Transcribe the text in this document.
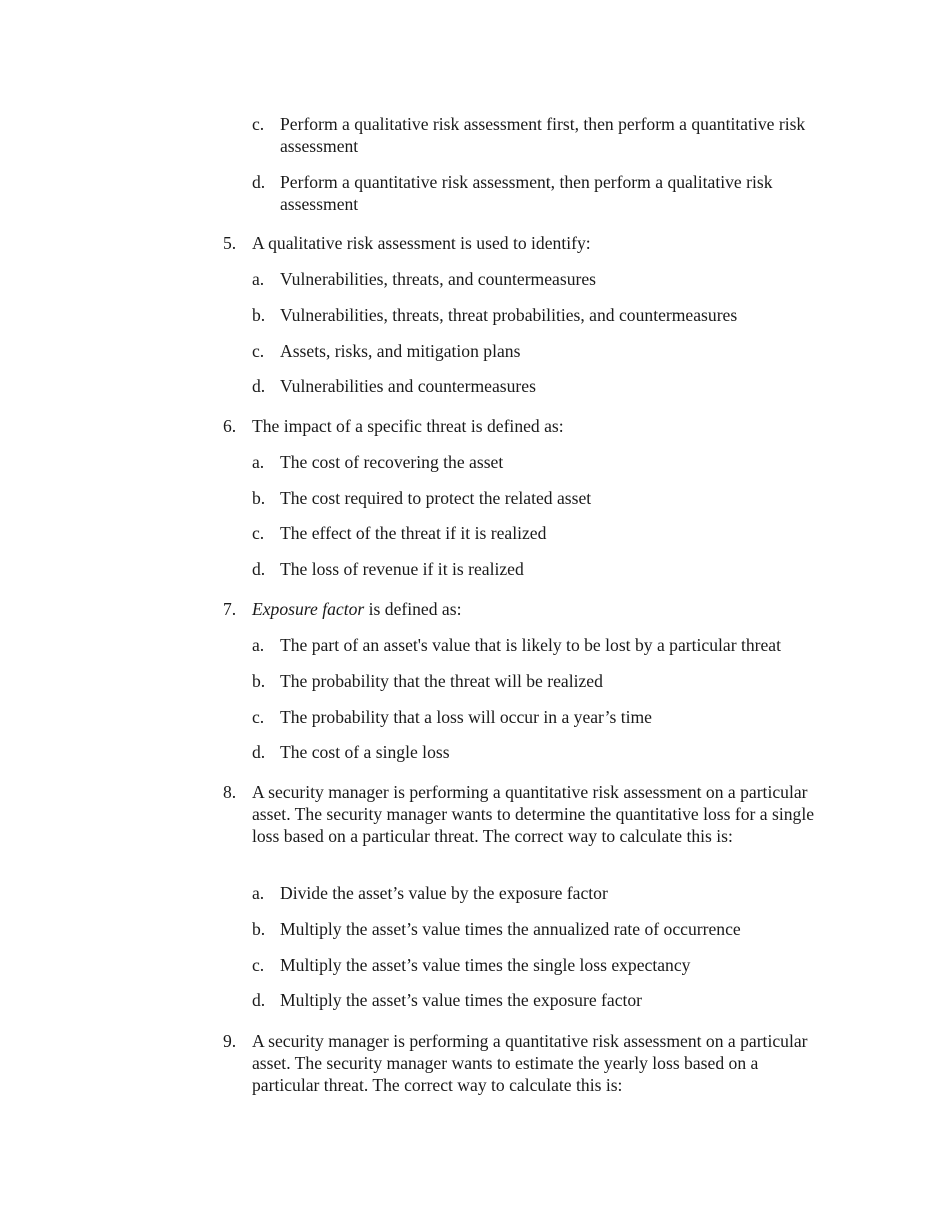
c. Perform a qualitative risk assessment first, then perform a quantitative risk assessment
d. Perform a quantitative risk assessment, then perform a qualitative risk assessment
5. A qualitative risk assessment is used to identify:
a. Vulnerabilities, threats, and countermeasures
b. Vulnerabilities, threats, threat probabilities, and countermeasures
c. Assets, risks, and mitigation plans
d. Vulnerabilities and countermeasures
6. The impact of a specific threat is defined as:
a. The cost of recovering the asset
b. The cost required to protect the related asset
c. The effect of the threat if it is realized
d. The loss of revenue if it is realized
7. Exposure factor is defined as:
a. The part of an asset's value that is likely to be lost by a particular threat
b. The probability that the threat will be realized
c. The probability that a loss will occur in a year’s time
d. The cost of a single loss
8. A security manager is performing a quantitative risk assessment on a particular asset. The security manager wants to determine the quantitative loss for a single loss based on a particular threat. The correct way to calculate this is:
a. Divide the asset’s value by the exposure factor
b. Multiply the asset’s value times the annualized rate of occurrence
c. Multiply the asset’s value times the single loss expectancy
d. Multiply the asset’s value times the exposure factor
9. A security manager is performing a quantitative risk assessment on a particular asset. The security manager wants to estimate the yearly loss based on a particular threat. The correct way to calculate this is:
